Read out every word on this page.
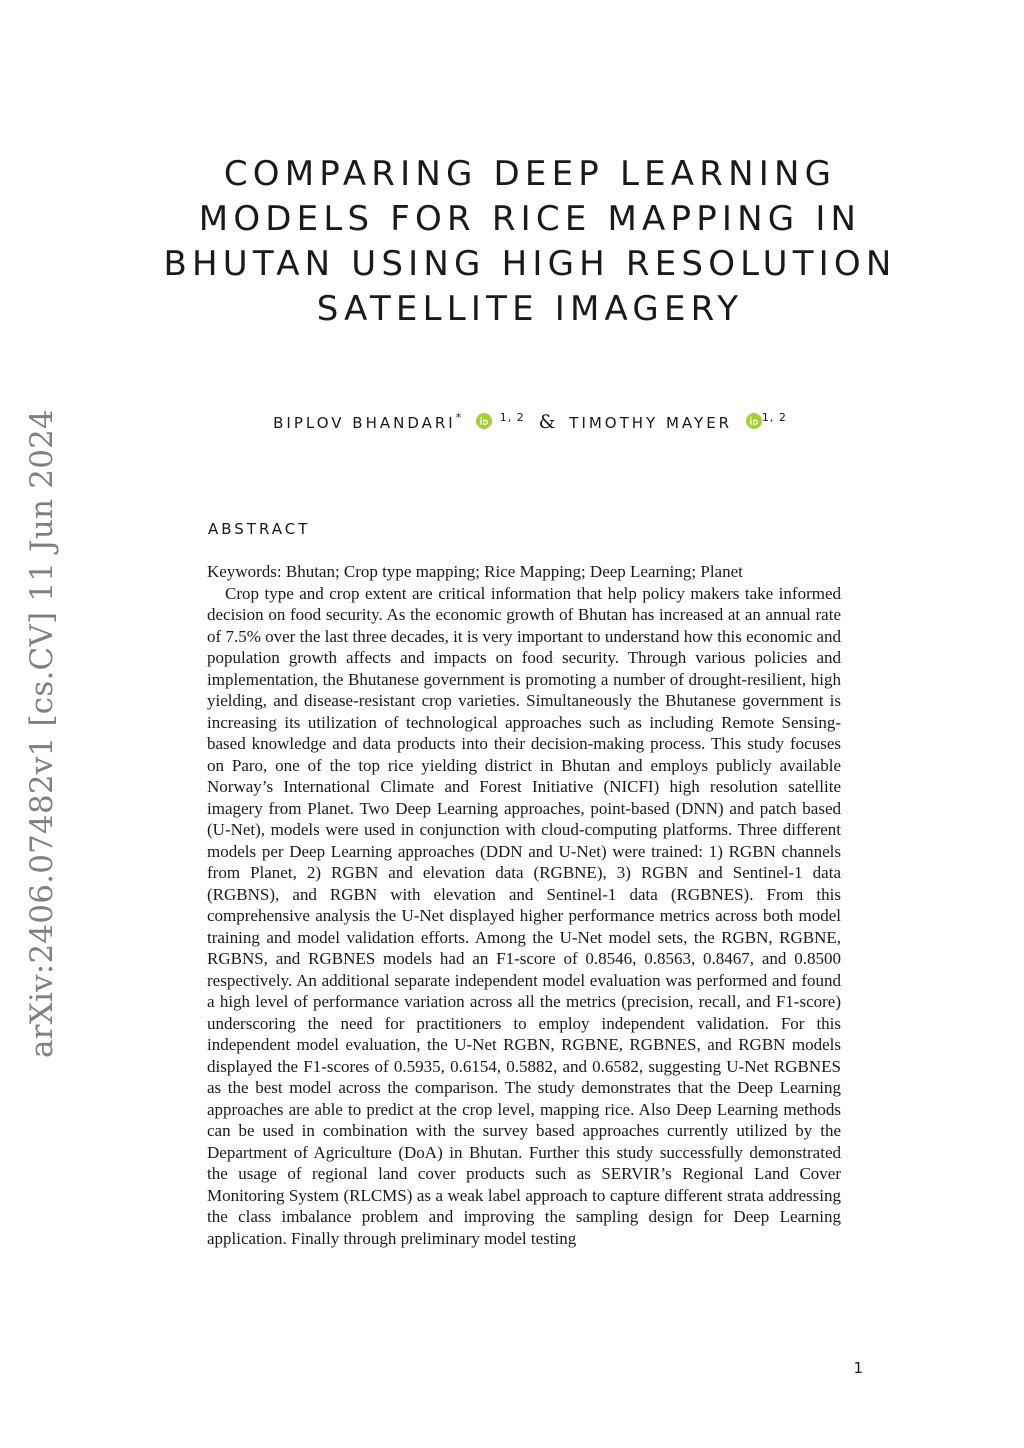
arXiv:2406.07482v1 [cs.CV] 11 Jun 2024
COMPARING DEEP LEARNING MODELS FOR RICE MAPPING IN BHUTAN USING HIGH RESOLUTION SATELLITE IMAGERY
BIPLOV BHANDARI*	$^{1, 2}$ & TIMOTHY MAYER	$^{1, 2}$
ABSTRACT

Keywords: Bhutan; Crop type mapping; Rice Mapping; Deep Learning; Planet

Crop type and crop extent are critical information that help policy makers take informed decision on food security. As the economic growth of Bhutan has increased at an annual rate of 7.5% over the last three decades, it is very important to understand how this economic and population growth affects and impacts on food security. Through various policies and implementation, the Bhutanese government is promoting a number of drought-resilient, high yielding, and disease-resistant crop varieties. Simultaneously the Bhutanese government is increasing its utilization of technological approaches such as including Remote Sensing-based knowledge and data products into their decision-making process. This study focuses on Paro, one of the top rice yielding district in Bhutan and employs publicly available Norway’s International Climate and Forest Initiative (NICFI) high resolution satellite imagery from Planet. Two Deep Learning approaches, point-based (DNN) and patch based (U-Net), models were used in conjunction with cloud-computing platforms. Three different models per Deep Learning approaches (DDN and U-Net) were trained: 1) RGBN channels from Planet, 2) RGBN and elevation data (RGBNE), 3) RGBN and Sentinel-1 data (RGBNS), and RGBN with elevation and Sentinel-1 data (RGBNES). From this comprehensive analysis the U-Net displayed higher performance metrics across both model training and model validation efforts. Among the U-Net model sets, the RGBN, RGBNE, RGBNS, and RGBNES models had an F1-score of 0.8546, 0.8563, 0.8467, and 0.8500 respectively. An additional separate independent model evaluation was performed and found a high level of performance variation across all the metrics (precision, recall, and F1-score) underscoring the need for practitioners to employ independent validation. For this independent model evaluation, the U-Net RGBN, RGBNE, RGBNES, and RGBN models displayed the F1-scores of 0.5935, 0.6154, 0.5882, and 0.6582, suggesting U-Net RGBNES as the best model across the comparison. The study demonstrates that the Deep Learning approaches are able to predict at the crop level, mapping rice. Also Deep Learning methods can be used in combination with the survey based approaches currently utilized by the Department of Agriculture (DoA) in Bhutan. Further this study successfully demonstrated the usage of regional land cover products such as SERVIR’s Regional Land Cover Monitoring System (RLCMS) as a weak label approach to capture different strata addressing the class imbalance problem and improving the sampling design for Deep Learning application. Finally through preliminary model testing

1
